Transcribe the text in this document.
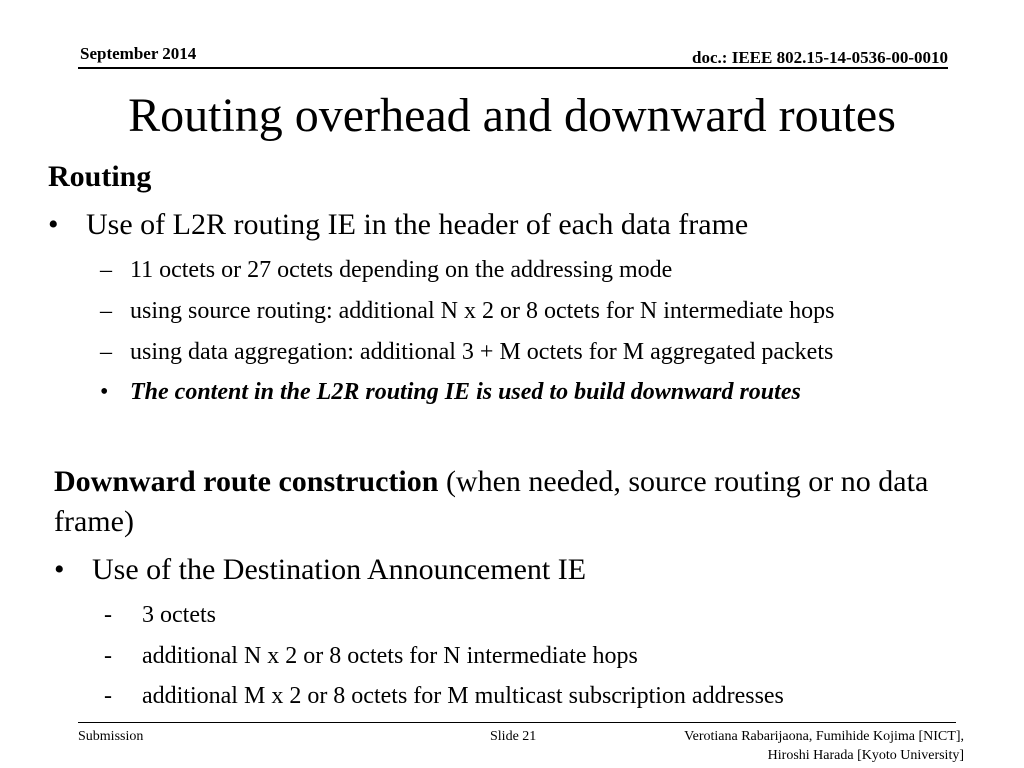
September 2014	doc.: IEEE 802.15-14-0536-00-0010
Routing overhead and downward routes
Routing
• Use of L2R routing IE in the header of each data frame
– 11 octets or 27 octets depending on the addressing mode
– using source routing: additional N x 2 or 8 octets for N intermediate hops
– using data aggregation: additional 3 + M octets for M aggregated packets
• The content in the L2R routing IE is used to build downward routes
Downward route construction (when needed, source routing or no data frame)
• Use of the Destination Announcement IE
- 3 octets
- additional N x 2 or 8 octets for N intermediate hops
- additional M x 2 or 8 octets for M multicast subscription addresses
Submission	Slide 21	Verotiana Rabarijaona, Fumihide Kojima [NICT],
Hiroshi Harada [Kyoto University]
